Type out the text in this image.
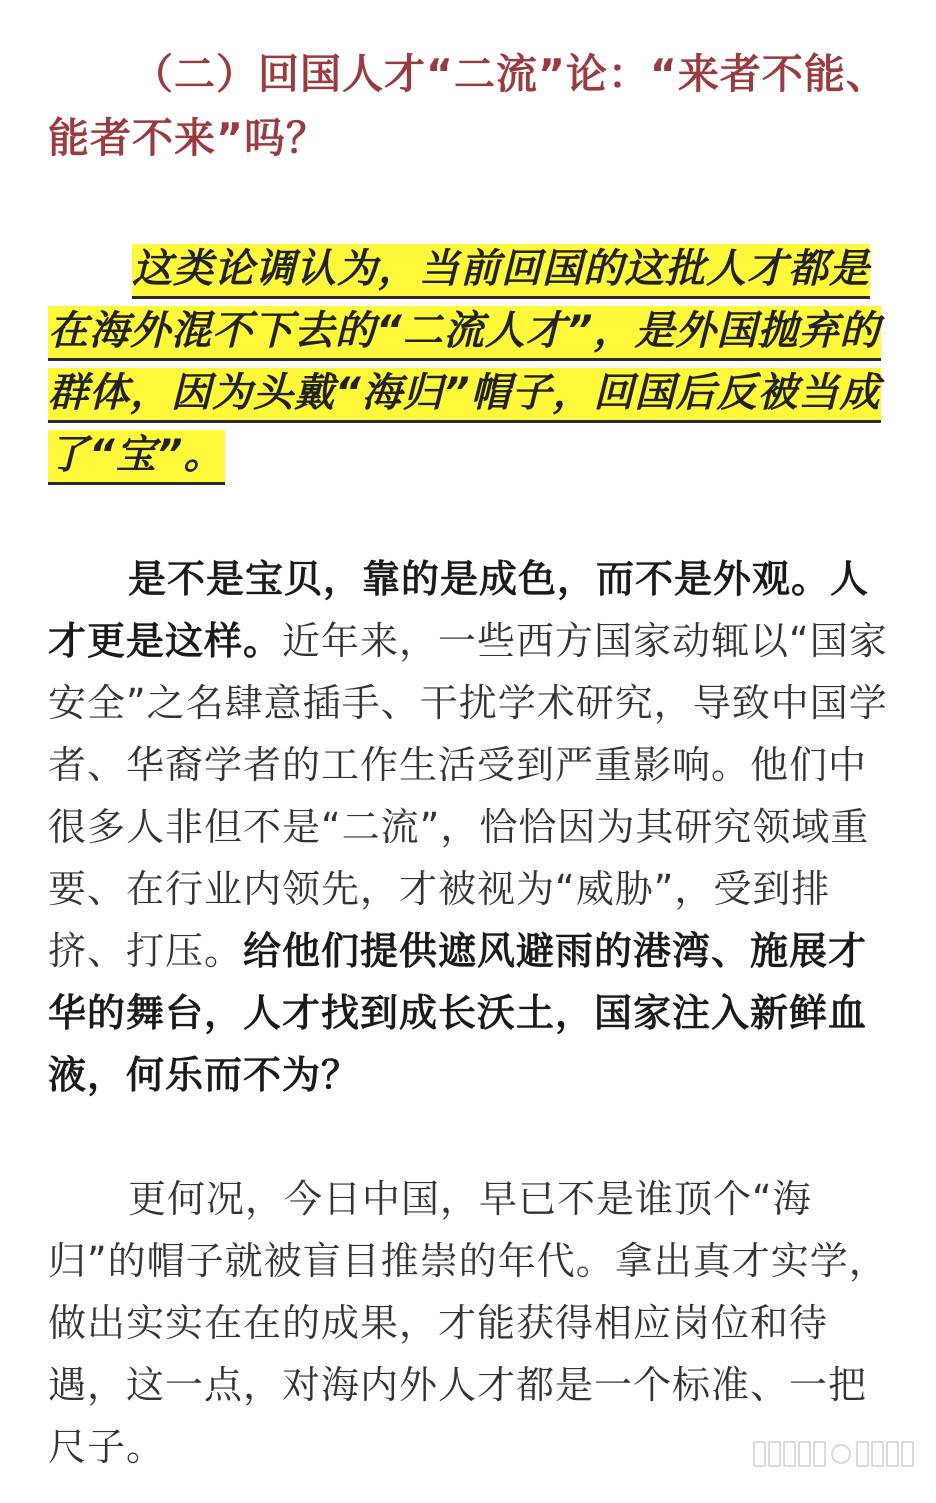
（二）回国人才“二流”论：“来者不能、能者不来”吗？

这类论调认为，当前回国的这批人才都是在海外混不下去的“二流人才”，是外国抛弃的群体，因为头戴“海归”帽子，回国后反被当成了“宝”。
是不是宝贝，靠的是成色，而不是外观。人才更是这样。近年来，一些西方国家动辄以“国家安全”之名肆意插手、干扰学术研究，导致中国学者、华裔学者的工作生活受到严重影响。他们中很多人非但不是“二流”，恰恰因为其研究领域重要、在行业内领先，才被视为“威胁”，受到排挤、打压。给他们提供遮风避雨的港湾、施展才华的舞台，人才找到成长沃土，国家注入新鲜血液，何乐而不为？
更何况，今日中国，早已不是谁顶个“海归”的帽子就被盲目推崇的年代。拿出真才实学，做出实实在在的成果，才能获得相应岗位和待遇，这一点，对海内外人才都是一个标准、一把尺子。
